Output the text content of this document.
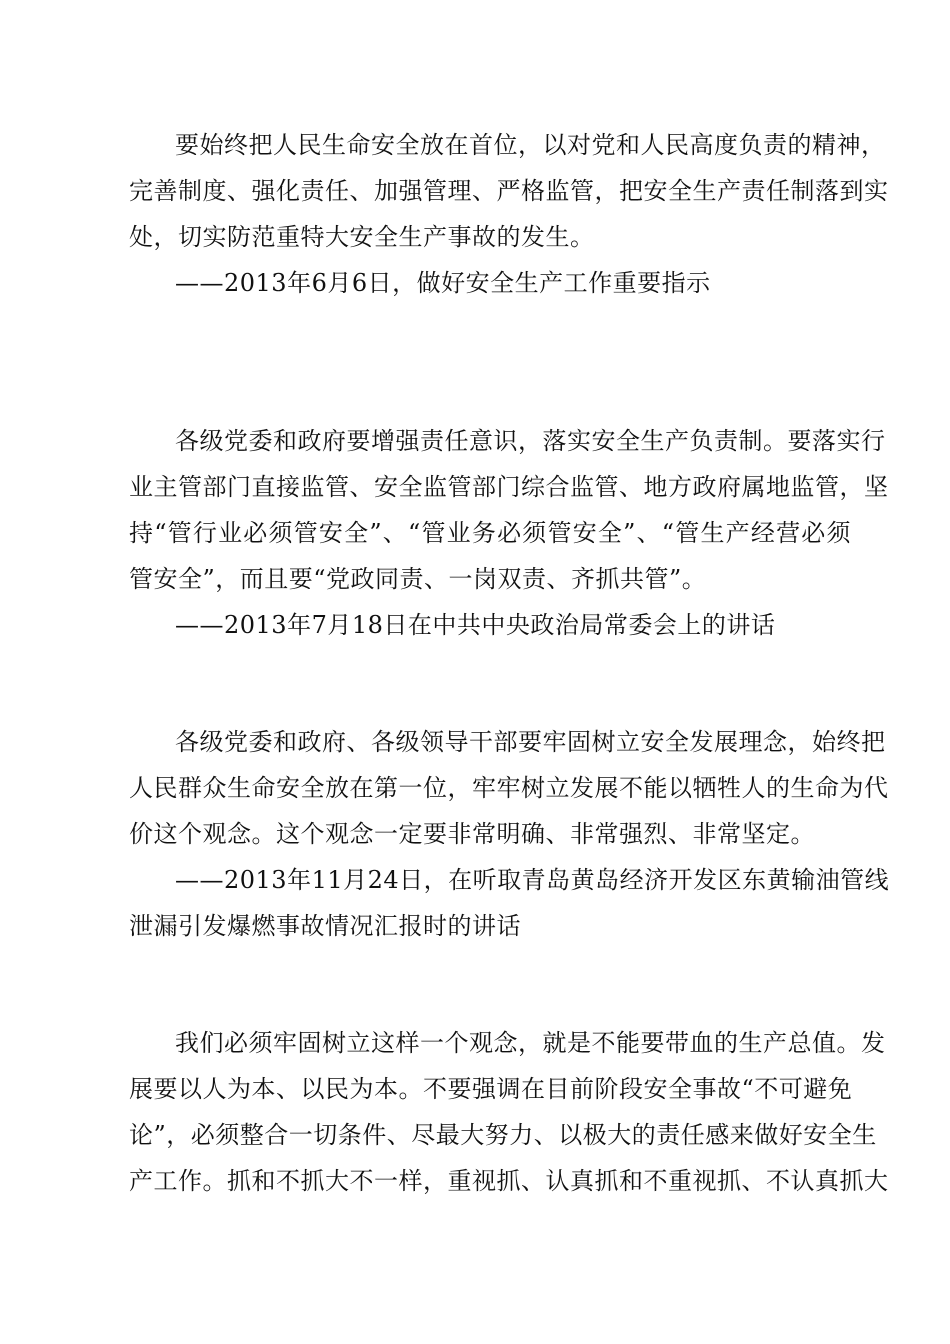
要始终把人民生命安全放在首位，以对党和人民高度负责的精神，
完善制度、强化责任、加强管理、严格监管，把安全生产责任制落到实
处，切实防范重特大安全生产事故的发生。
——2013年6月6日，做好安全生产工作重要指示
各级党委和政府要增强责任意识，落实安全生产负责制。要落实行
业主管部门直接监管、安全监管部门综合监管、地方政府属地监管，坚
持“管行业必须管安全”、“管业务必须管安全”、“管生产经营必须
管安全”，而且要“党政同责、一岗双责、齐抓共管”。
——2013年7月18日在中共中央政治局常委会上的讲话
各级党委和政府、各级领导干部要牢固树立安全发展理念，始终把
人民群众生命安全放在第一位，牢牢树立发展不能以牺牲人的生命为代
价这个观念。这个观念一定要非常明确、非常强烈、非常坚定。
——2013年11月24日，在听取青岛黄岛经济开发区东黄输油管线
泄漏引发爆燃事故情况汇报时的讲话
我们必须牢固树立这样一个观念，就是不能要带血的生产总值。发
展要以人为本、以民为本。不要强调在目前阶段安全事故“不可避免
论”，必须整合一切条件、尽最大努力、以极大的责任感来做好安全生
产工作。抓和不抓大不一样，重视抓、认真抓和不重视抓、不认真抓大
